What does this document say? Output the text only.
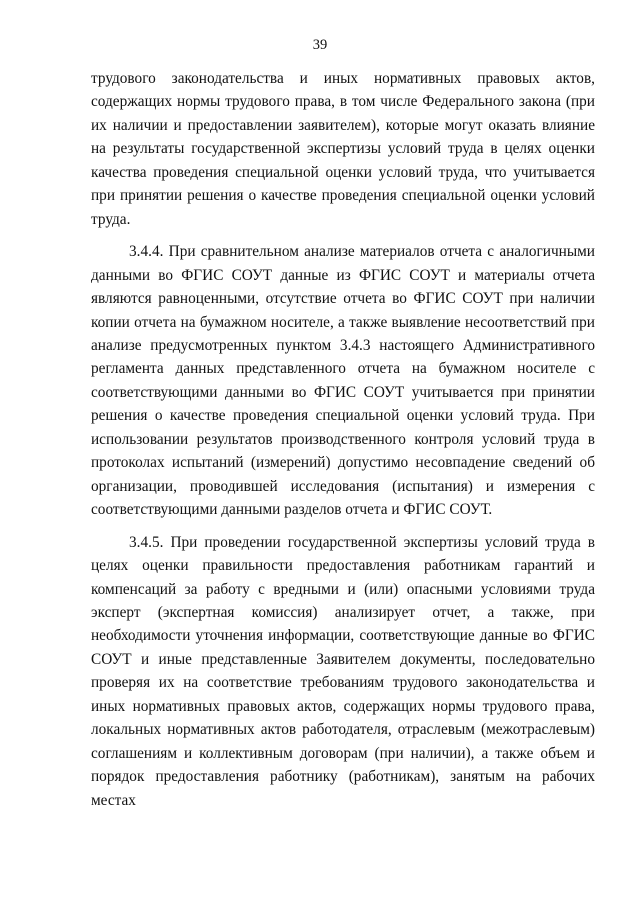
39

трудового законодательства и иных нормативных правовых актов, содержащих нормы трудового права, в том числе Федерального закона (при их наличии и предоставлении заявителем), которые могут оказать влияние на результаты государственной экспертизы условий труда в целях оценки качества проведения специальной оценки условий труда, что учитывается при принятии решения о качестве проведения специальной оценки условий труда.

3.4.4. При сравнительном анализе материалов отчета с аналогичными данными во ФГИС СОУТ данные из ФГИС СОУТ и материалы отчета являются равноценными, отсутствие отчета во ФГИС СОУТ при наличии копии отчета на бумажном носителе, а также выявление несоответствий при анализе предусмотренных пунктом 3.4.3 настоящего Административного регламента данных представленного отчета на бумажном носителе с соответствующими данными во ФГИС СОУТ учитывается при принятии решения о качестве проведения специальной оценки условий труда. При использовании результатов производственного контроля условий труда в протоколах испытаний (измерений) допустимо несовпадение сведений об организации, проводившей исследования (испытания) и измерения с соответствующими данными разделов отчета и ФГИС СОУТ.

3.4.5. При проведении государственной экспертизы условий труда в целях оценки правильности предоставления работникам гарантий и компенсаций за работу с вредными и (или) опасными условиями труда эксперт (экспертная комиссия) анализирует отчет, а также, при необходимости уточнения информации, соответствующие данные во ФГИС СОУТ и иные представленные Заявителем документы, последовательно проверяя их на соответствие требованиям трудового законодательства и иных нормативных правовых актов, содержащих нормы трудового права, локальных нормативных актов работодателя, отраслевым (межотраслевым) соглашениям и коллективным договорам (при наличии), а также объем и порядок предоставления работнику (работникам), занятым на рабочих местах
